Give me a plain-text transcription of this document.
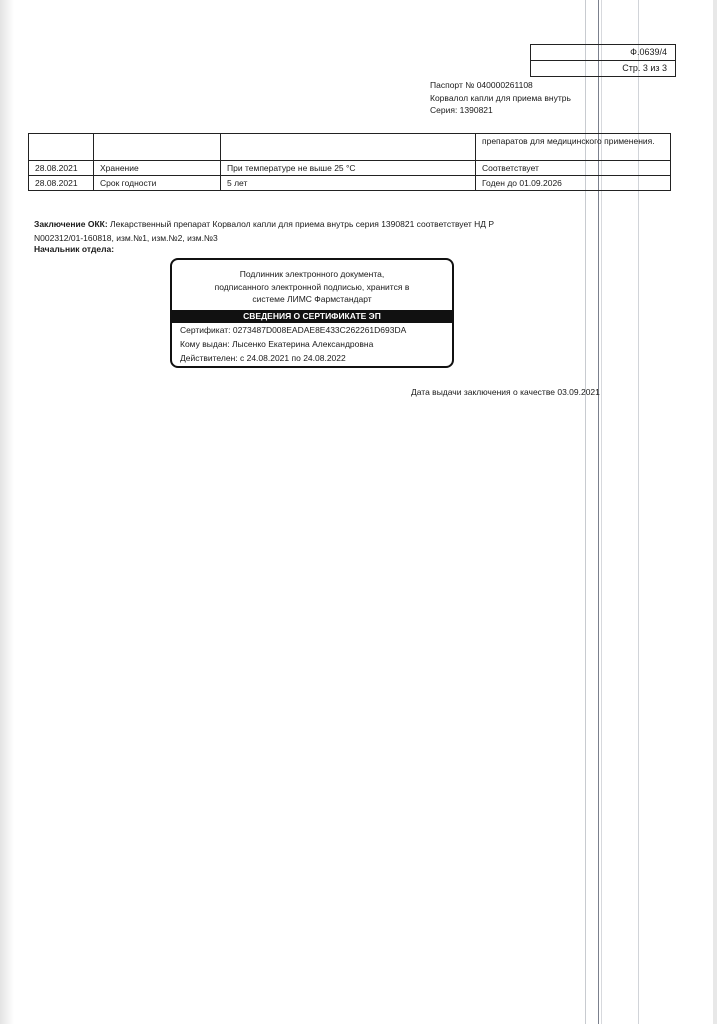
Ф.0639/4
Стр. 3 из 3
Паспорт № 040000261108
Корвалол капли для приема внутрь
Серия: 1390821
			препаратов для медицинского применения.
28.08.2021	Хранение	При температуре не выше 25 °С	Соответствует
28.08.2021	Срок годности	5 лет	Годен до 01.09.2026
Заключение ОКК: Лекарственный препарат Корвалол капли для приема внутрь серия 1390821 соответствует НД Р N002312/01-160818, изм.№1, изм.№2, изм.№3
Начальник отдела:
Подлинник электронного документа,
подписанного электронной подписью, хранится в
системе ЛИМС Фармстандарт
СВЕДЕНИЯ О СЕРТИФИКАТЕ ЭП
Сертификат: 0273487D008EADAE8E433C262261D693DA
Кому выдан: Лысенко Екатерина Александровна
Действителен: с 24.08.2021 по 24.08.2022
Дата выдачи заключения о качестве 03.09.2021
